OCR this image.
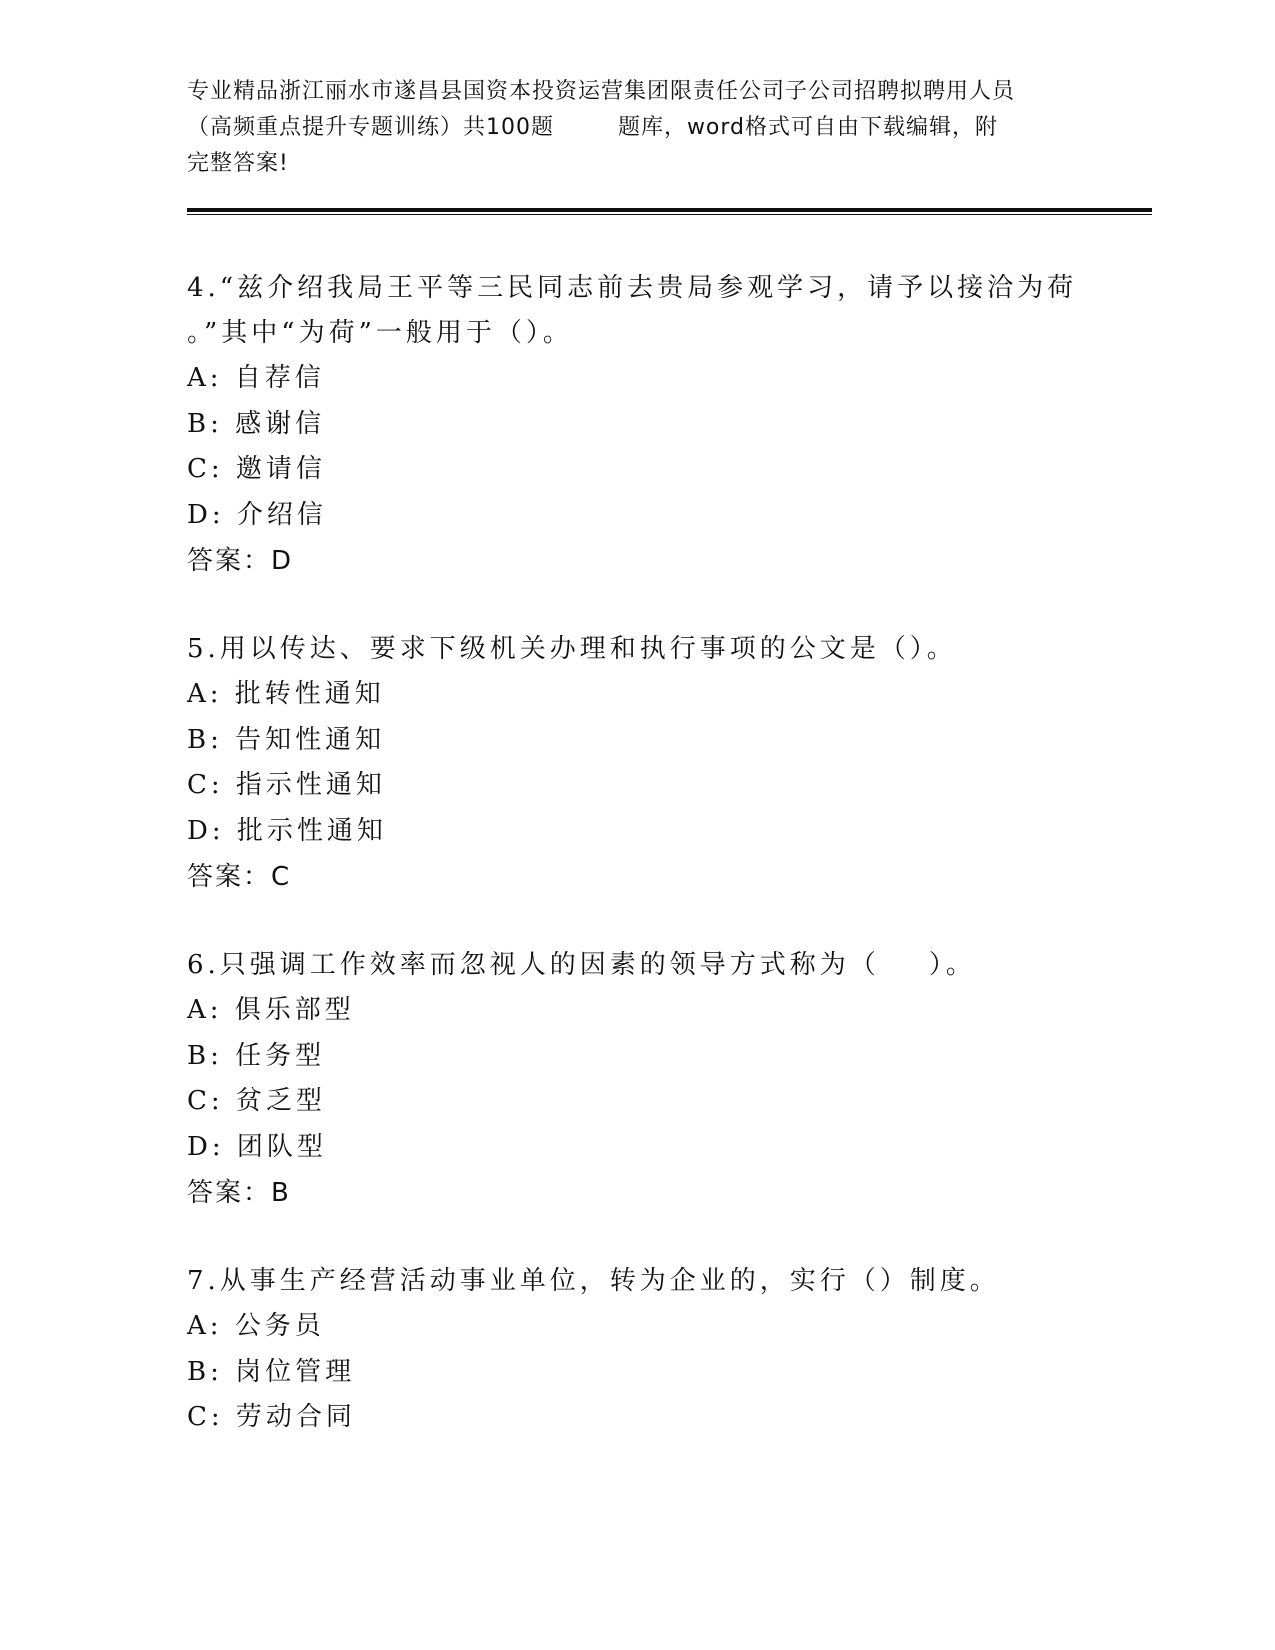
专业精品浙江丽水市遂昌县国资本投资运营集团限责任公司子公司招聘拟聘用人员
（高频重点提升专题训练）共100题        题库，word格式可自由下载编辑，附
完整答案!
4.“兹介绍我局王平等三民同志前去贵局参观学习，请予以接洽为荷
。”其中“为荷”一般用于（）。
A: 自荐信
B: 感谢信
C: 邀请信
D: 介绍信
答案：D
5.用以传达、要求下级机关办理和执行事项的公文是（）。
A: 批转性通知
B: 告知性通知
C: 指示性通知
D: 批示性通知
答案：C
6.只强调工作效率而忽视人的因素的领导方式称为（    ）。
A: 俱乐部型
B: 任务型
C: 贫乏型
D: 团队型
答案：B
7.从事生产经营活动事业单位，转为企业的，实行（）制度。
A: 公务员
B: 岗位管理
C: 劳动合同
